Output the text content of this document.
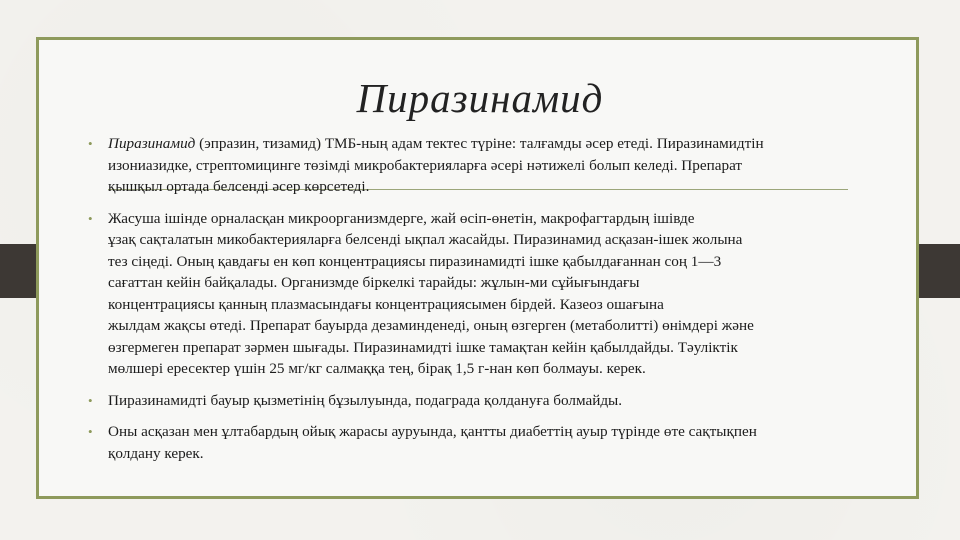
Пиразинамид
• Пиразинамид (эпразин, тизамид) ТМБ-ның адам тектес түріне: талғамды әсер етеді. Пиразинамидтін
изониазидке, стрептомицинге төзімді микробактерияларға әсері нәтижелі болып келеді. Препарат
қышқыл ортада белсенді әсер көрсетеді.
• Жасуша ішінде орналасқан микроорганизмдерге, жай өсіп-өнетін, макрофагтардың ішівде
ұзақ сақталатын микобактерияларға белсенді ықпал жасайды. Пиразинамид асқазан-ішек жолына
тез сіңеді. Оның қавдағы ен көп концентрациясы пиразинамидті ішке қабылдағаннан соң 1—3
сағаттан кейін байқалады. Организмде біркелкі тарайды: жұлын-ми сұйығындағы
концентрациясы қанның плазмасындағы концентрациясымен бірдей. Казеоз ошағына
жылдам жақсы өтеді. Препарат бауырда дезаминденеді, оның өзгерген (метаболитті) өнімдері жәнe
өзгермеген препарат зәрмен шығады. Пиразинамидті ішке тамақтан кейін қабылдайды. Тәуліктік
мөлшері ересектер үшін 25 мг/кг салмаққа тең, бірақ 1,5 г-нан көп болмауы. керек.
• Пиразинамидті бауыр қызметінің бұзылуында, подаграда қолдануға болмайды.
• Оны асқазан мен ұлтабардың ойық жарасы ауруында, қантты диабеттің ауыр түрінде өте сақтықпен
қолдану керек.
